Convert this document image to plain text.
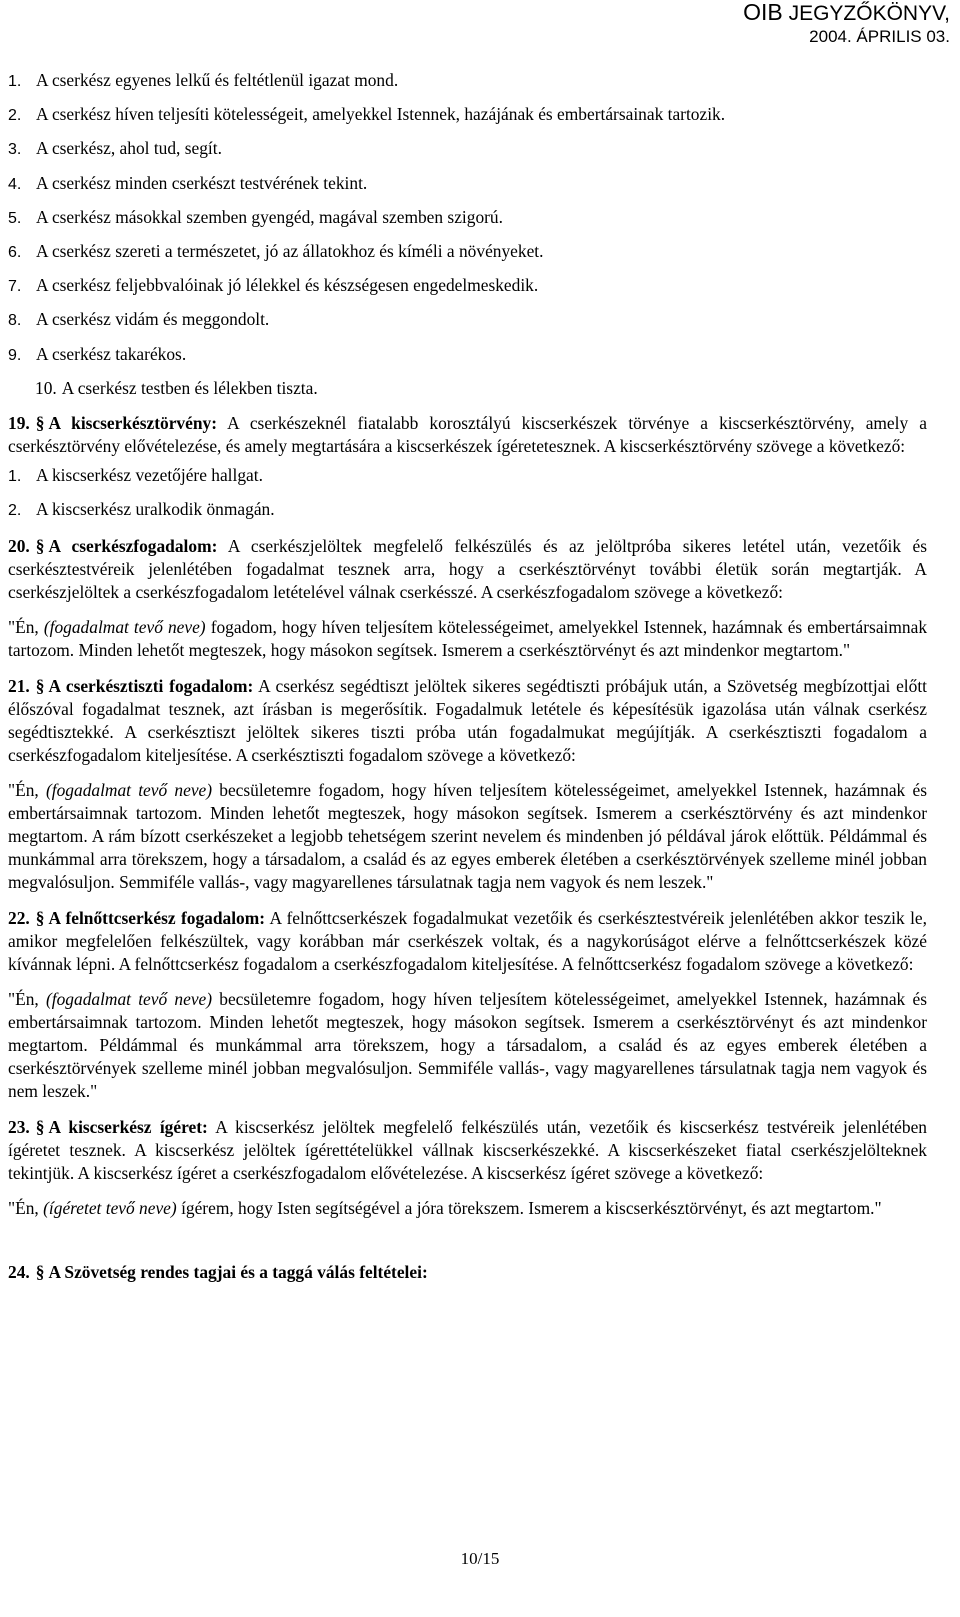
OIB JEGYZŐKÖNYV,
2004. ÁPRILIS 03.
1. A cserkész egyenes lelkű és feltétlenül igazat mond.
2. A cserkész híven teljesíti kötelességeit, amelyekkel Istennek, hazájának és embertársainak tartozik.
3. A cserkész, ahol tud, segít.
4. A cserkész minden cserkészt testvérének tekint.
5. A cserkész másokkal szemben gyengéd, magával szemben szigorú.
6. A cserkész szereti a természetet, jó az állatokhoz és kíméli a növényeket.
7. A cserkész feljebbvalóinak jó lélekkel és készségesen engedelmeskedik.
8. A cserkész vidám és meggondolt.
9. A cserkész takarékos.
10. A cserkész testben és lélekben tiszta.

19. § A kiscserkésztörvény: A cserkészeknél fiatalabb korosztályú kiscserkészek törvénye a kiscserkésztörvény, amely a cserkésztörvény elővételezése, és amely megtartására a kiscserkészek ígéretetesznek. A kiscserkésztörvény szövege a következő:

1. A kiscserkész vezetőjére hallgat.
2. A kiscserkész uralkodik önmagán.

20. § A cserkészfogadalom: A cserkészjelöltek megfelelő felkészülés és az jelöltpróba sikeres letétel után, vezetőik és cserkésztestvéreik jelenlétében fogadalmat tesznek arra, hogy a cserkésztörvényt további életük során megtartják. A cserkészjelöltek a cserkészfogadalom letételével válnak cserkésszé. A cserkészfogadalom szövege a következő:

"Én, (fogadalmat tevő neve) fogadom, hogy híven teljesítem kötelességeimet, amelyekkel Istennek, hazámnak és embertársaimnak tartozom. Minden lehetőt megteszek, hogy másokon segítsek. Ismerem a cserkésztörvényt és azt mindenkor megtartom."

21. § A cserkésztiszti fogadalom: A cserkész segédtiszt jelöltek sikeres segédtiszti próbájuk után, a Szövetség megbízottjai előtt élőszóval fogadalmat tesznek, azt írásban is megerősítik. Fogadalmuk letétele és képesítésük igazolása után válnak cserkész segédtisztekké. A cserkésztiszt jelöltek sikeres tiszti próba után fogadalmukat megújítják. A cserkésztiszti fogadalom a cserkészfogadalom kiteljesítése. A cserkésztiszti fogadalom szövege a következő:

"Én, (fogadalmat tevő neve) becsületemre fogadom, hogy híven teljesítem kötelességeimet, amelyekkel Istennek, hazámnak és embertársaimnak tartozom. Minden lehetőt megteszek, hogy másokon segítsek. Ismerem a cserkésztörvény és azt mindenkor megtartom. A rám bízott cserkészeket a legjobb tehetségem szerint nevelem és mindenben jó példával járok előttük. Példámmal és munkámmal arra törekszem, hogy a társadalom, a család és az egyes emberek életében a cserkésztörvények szelleme minél jobban megvalósuljon. Semmiféle vallás-, vagy magyarellenes társulatnak tagja nem vagyok és nem leszek."

22. § A felnőttcserkész fogadalom: A felnőttcserkészek fogadalmukat vezetőik és cserkésztestvéreik jelenlétében akkor teszik le, amikor megfelelően felkészültek, vagy korábban már cserkészek voltak, és a nagykorúságot elérve a felnőttcserkészek közé kívánnak lépni. A felnőttcserkész fogadalom a cserkészfogadalom kiteljesítése. A felnőttcserkész fogadalom szövege a következő:

"Én, (fogadalmat tevő neve) becsületemre fogadom, hogy híven teljesítem kötelességeimet, amelyekkel Istennek, hazámnak és embertársaimnak tartozom. Minden lehetőt megteszek, hogy másokon segítsek. Ismerem a cserkésztörvényt és azt mindenkor megtartom. Példámmal és munkámmal arra törekszem, hogy a társadalom, a család és az egyes emberek életében a cserkésztörvények szelleme minél jobban megvalósuljon. Semmiféle vallás-, vagy magyarellenes társulatnak tagja nem vagyok és nem leszek."

23. § A kiscserkész ígéret: A kiscserkész jelöltek megfelelő felkészülés után, vezetőik és kiscserkész testvéreik jelenlétében ígéretet tesznek. A kiscserkész jelöltek ígérettételükkel vállnak kiscserkészekké. A kiscserkészeket fiatal cserkészjelölteknek tekintjük. A kiscserkész ígéret a cserkészfogadalom elővételezése. A kiscserkész ígéret szövege a következő:

"Én, (ígéretet tevő neve) ígérem, hogy Isten segítségével a jóra törekszem. Ismerem a kiscserkésztörvényt, és azt megtartom."

24. § A Szövetség rendes tagjai és a taggá válás feltételei:

10/15
